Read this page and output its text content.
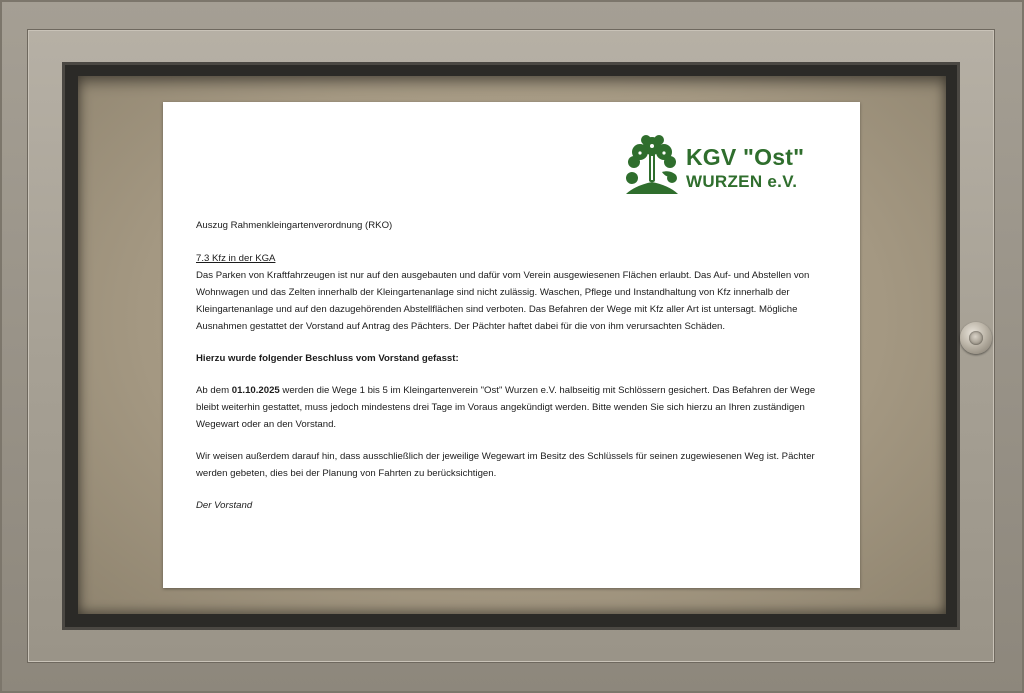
KGV "Ost"
WURZEN e.V.

Auszug Rahmenkleingartenverordnung (RKO)

7.3 Kfz in der KGA

Das Parken von Kraftfahrzeugen ist nur auf den ausgebauten und dafür vom Verein ausgewiesenen Flächen erlaubt. Das Auf- und Abstellen von Wohnwagen und das Zelten innerhalb der Kleingartenanlage sind nicht zulässig. Waschen, Pflege und Instandhaltung von Kfz innerhalb der Kleingartenanlage und auf den dazugehörenden Abstellflächen sind verboten. Das Befahren der Wege mit Kfz aller Art ist untersagt. Mögliche Ausnahmen gestattet der Vorstand auf Antrag des Pächters. Der Pächter haftet dabei für die von ihm verursachten Schäden.

Hierzu wurde folgender Beschluss vom Vorstand gefasst:

Ab dem 01.10.2025 werden die Wege 1 bis 5 im Kleingartenverein "Ost" Wurzen e.V. halbseitig mit Schlössern gesichert. Das Befahren der Wege bleibt weiterhin gestattet, muss jedoch mindestens drei Tage im Voraus angekündigt werden. Bitte wenden Sie sich hierzu an Ihren zuständigen Wegewart oder an den Vorstand.

Wir weisen außerdem darauf hin, dass ausschließlich der jeweilige Wegewart im Besitz des Schlüssels für seinen zugewiesenen Weg ist. Pächter werden gebeten, dies bei der Planung von Fahrten zu berücksichtigen.

Der Vorstand
